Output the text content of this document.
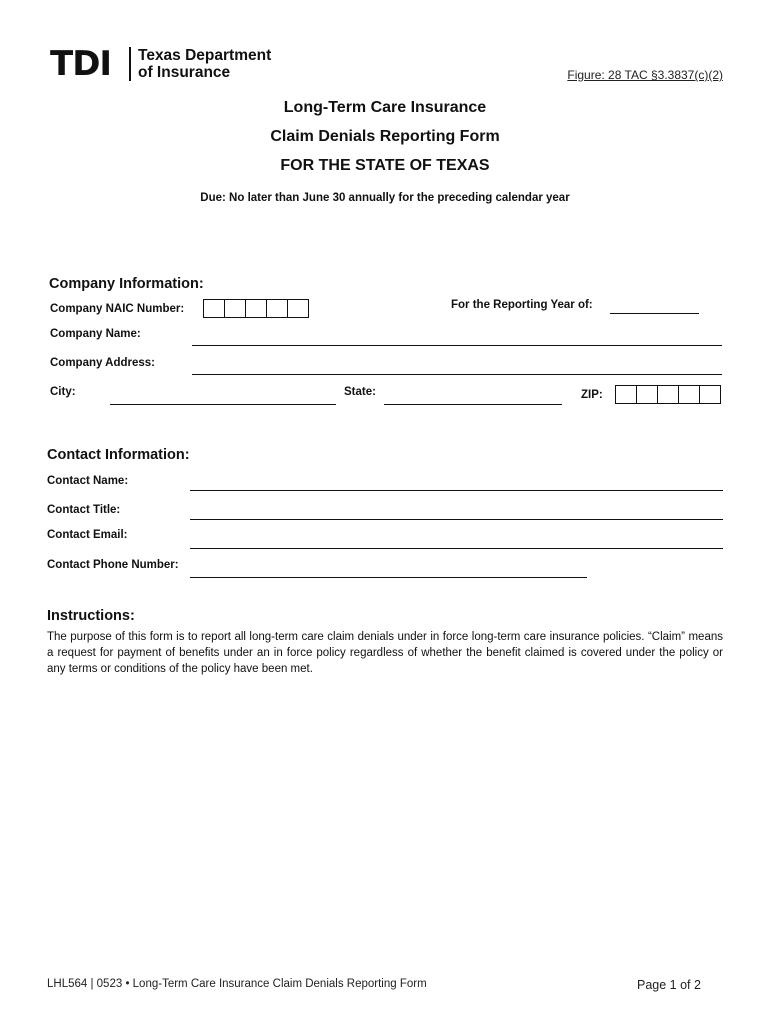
TDI Texas Department
of Insurance	Figure: 28 TAC §3.3837(c)(2)
Long-Term Care Insurance
Claim Denials Reporting Form
FOR THE STATE OF TEXAS
Due: No later than June 30 annually for the preceding calendar year
Company Information:
Company NAIC Number:	For the Reporting Year of:
Company Name:
Company Address:
City:	State:	ZIP:
Contact Information:
Contact Name:
Contact Title:
Contact Email:
Contact Phone Number:
Instructions:
The purpose of this form is to report all long-term care claim denials under in force long-term care insurance policies. “Claim” means a request for payment of benefits under an in force policy regardless of whether the benefit claimed is covered under the policy or any terms or conditions of the policy have been met.
LHL564 | 0523 • Long-Term Care Insurance Claim Denials Reporting Form	Page 1 of 2
